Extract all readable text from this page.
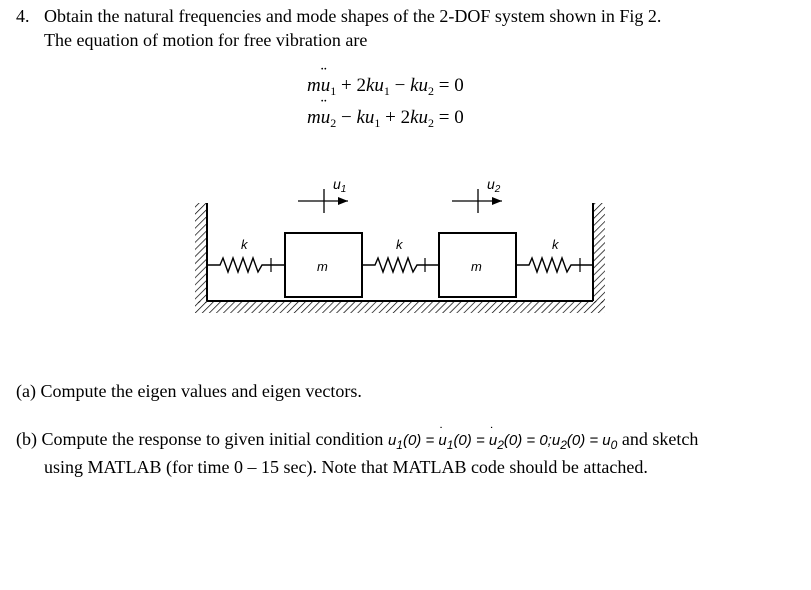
4. Obtain the natural frequencies and mode shapes of the 2-DOF system shown in Fig 2.
The equation of motion for free vibration are
m¨ $u_1 + 2ku_1 - ku_2 = 0$
m¨ $u_2 - ku_1 + 2ku_2 = 0$
$u_1$	$u_2$
k	k	k
m	m
(a) Compute the eigen values and eigen vectors.
(b) Compute the response to given initial condition $u_1(0)$ = ˙ $u_1(0)$ = ˙ $u_2(0)$ = $0;u_2(0) = u_0$ and sketch
using MATLAB (for time 0 – 15 sec). Note that MATLAB code should be attached.
